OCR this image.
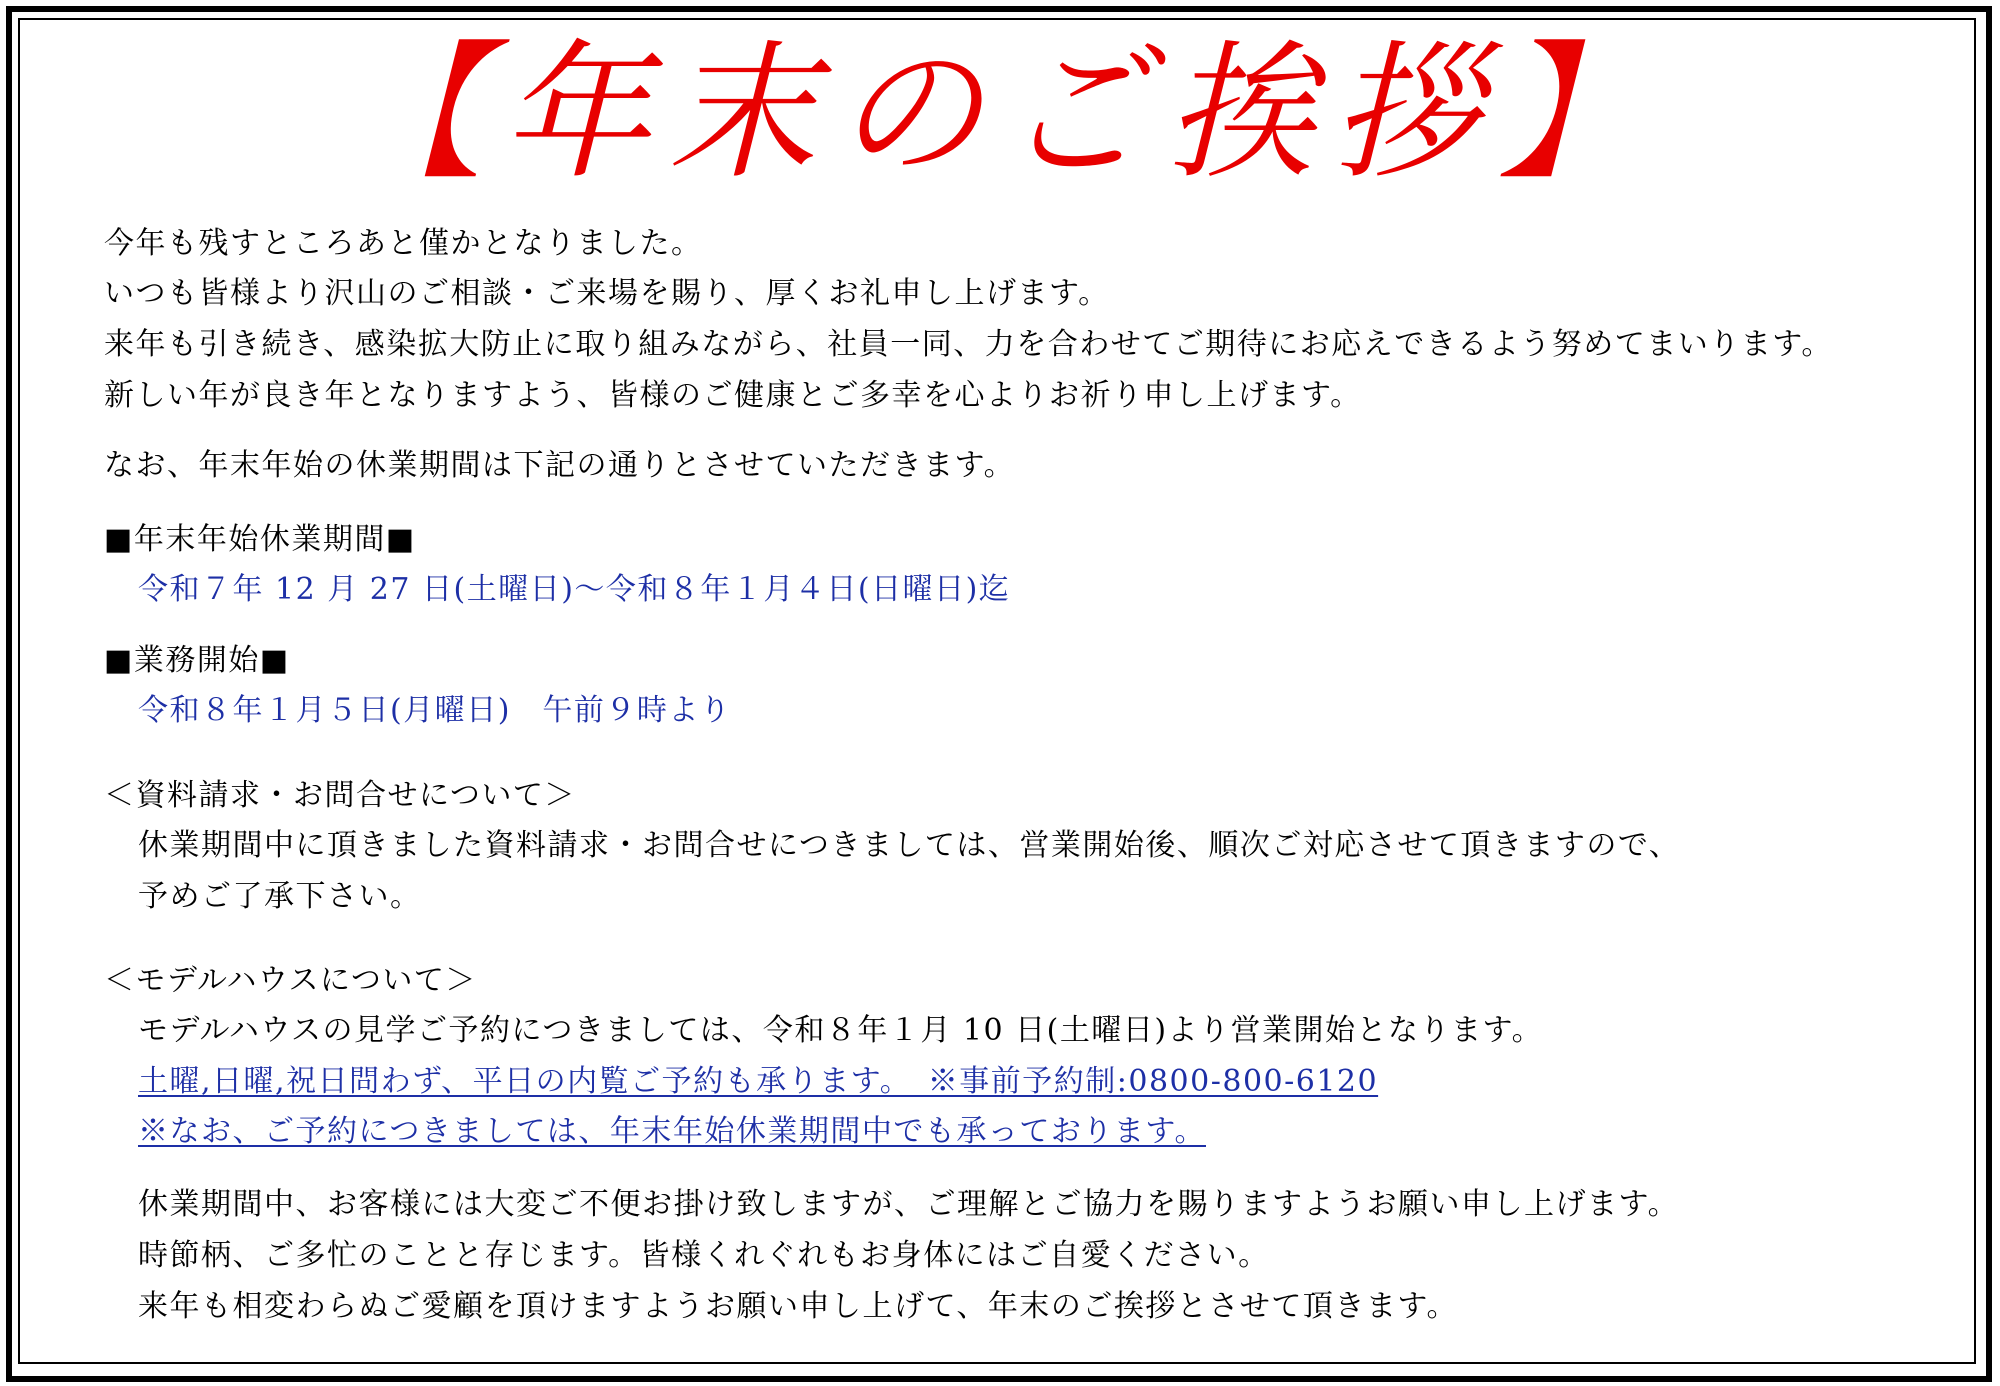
【年末のご挨拶】
今年も残すところあと僅かとなりました。
いつも皆様より沢山のご相談・ご来場を賜り、厚くお礼申し上げます。
来年も引き続き、感染拡大防止に取り組みながら、社員一同、力を合わせてご期待にお応えできるよう努めてまいります。
新しい年が良き年となりますよう、皆様のご健康とご多幸を心よりお祈り申し上げます。
なお、年末年始の休業期間は下記の通りとさせていただきます。
■年末年始休業期間■
令和７年 12 月 27 日(土曜日)～令和８年１月４日(日曜日)迄
■業務開始■
令和８年１月５日(月曜日)　午前９時より
＜資料請求・お問合せについて＞
休業期間中に頂きました資料請求・お問合せにつきましては、営業開始後、順次ご対応させて頂きますので、
予めご了承下さい。
＜モデルハウスについて＞
モデルハウスの見学ご予約につきましては、令和８年１月 10 日(土曜日)より営業開始となります。
土曜,日曜,祝日問わず、平日の内覧ご予約も承ります。　※事前予約制:0800-800-6120
※なお、ご予約につきましては、年末年始休業期間中でも承っております。
休業期間中、お客様には大変ご不便お掛け致しますが、ご理解とご協力を賜りますようお願い申し上げます。
時節柄、ご多忙のことと存じます。皆様くれぐれもお身体にはご自愛ください。
来年も相変わらぬご愛顧を頂けますようお願い申し上げて、年末のご挨拶とさせて頂きます。
